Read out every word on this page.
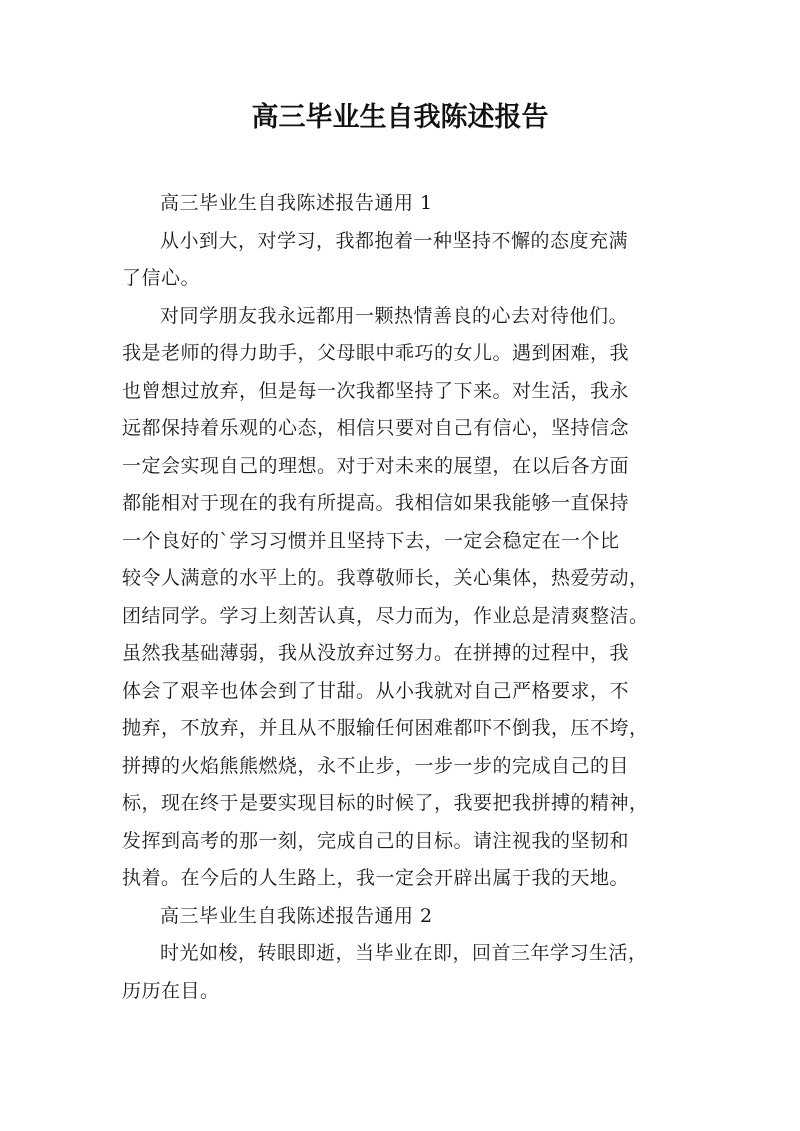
高三毕业生自我陈述报告

高三毕业生自我陈述报告通用 1

从小到大，对学习，我都抱着一种坚持不懈的态度充满
了信心。

对同学朋友我永远都用一颗热情善良的心去对待他们。
我是老师的得力助手，父母眼中乖巧的女儿。遇到困难，我
也曾想过放弃，但是每一次我都坚持了下来。对生活，我永
远都保持着乐观的心态，相信只要对自己有信心，坚持信念
一定会实现自己的理想。对于对未来的展望，在以后各方面
都能相对于现在的我有所提高。我相信如果我能够一直保持
一个良好的`学习习惯并且坚持下去，一定会稳定在一个比
较令人满意的水平上的。我尊敬师长，关心集体，热爱劳动，
团结同学。学习上刻苦认真，尽力而为，作业总是清爽整洁。
虽然我基础薄弱，我从没放弃过努力。在拼搏的过程中，我
体会了艰辛也体会到了甘甜。从小我就对自己严格要求，不
抛弃，不放弃，并且从不服输任何困难都吓不倒我，压不垮，
拼搏的火焰熊熊燃烧，永不止步，一步一步的完成自己的目
标，现在终于是要实现目标的时候了，我要把我拼搏的精神，
发挥到高考的那一刻，完成自己的目标。请注视我的坚韧和
执着。在今后的人生路上，我一定会开辟出属于我的天地。

高三毕业生自我陈述报告通用 2

时光如梭，转眼即逝，当毕业在即，回首三年学习生活，
历历在目。
